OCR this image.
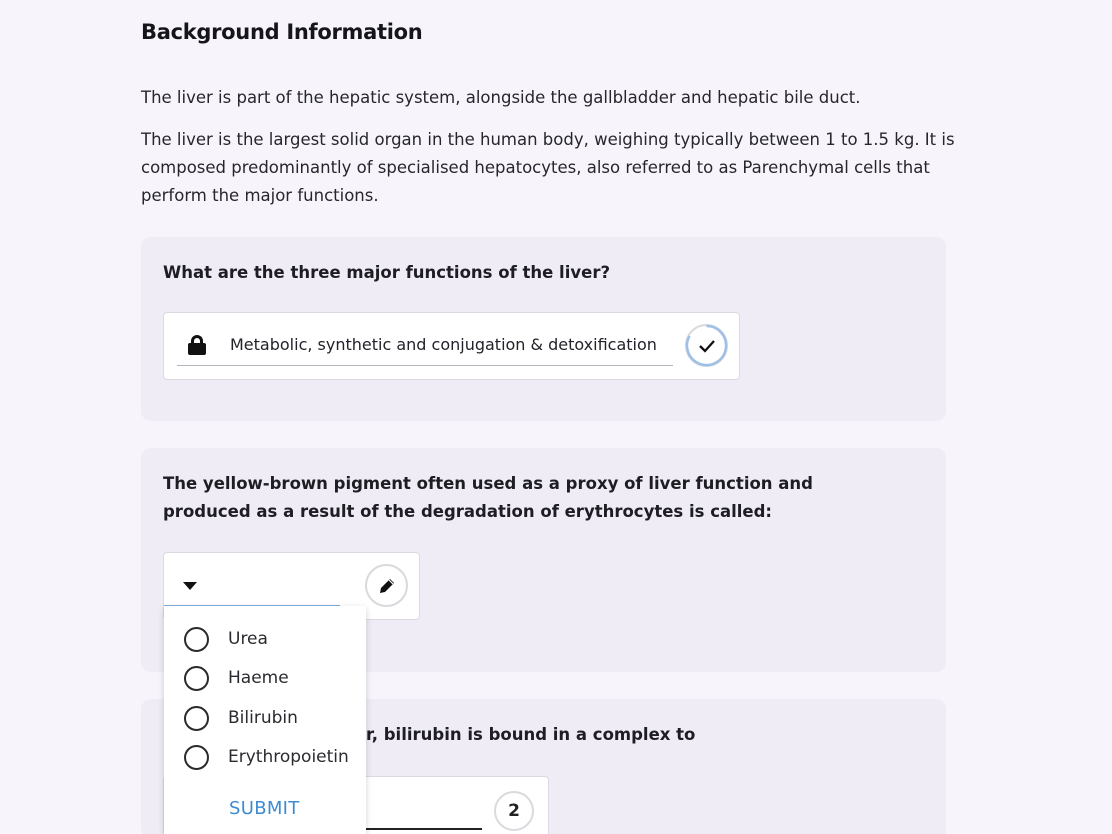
Background Information

The liver is part of the hepatic system, alongside the gallbladder and hepatic bile duct.

The liver is the largest solid organ in the human body, weighing typically between 1 to 1.5 kg. It is composed predominantly of specialised hepatocytes, also referred to as Parenchymal cells that perform the major functions.

What are the three major functions of the liver?
Metabolic, synthetic and conjugation & detoxification
The yellow-brown pigment often used as a proxy of liver function and produced as a result of the degradation of erythrocytes is called:
r, bilirubin is bound in a complex to
2
Urea
Haeme
Bilirubin
Erythropoietin
SUBMIT
